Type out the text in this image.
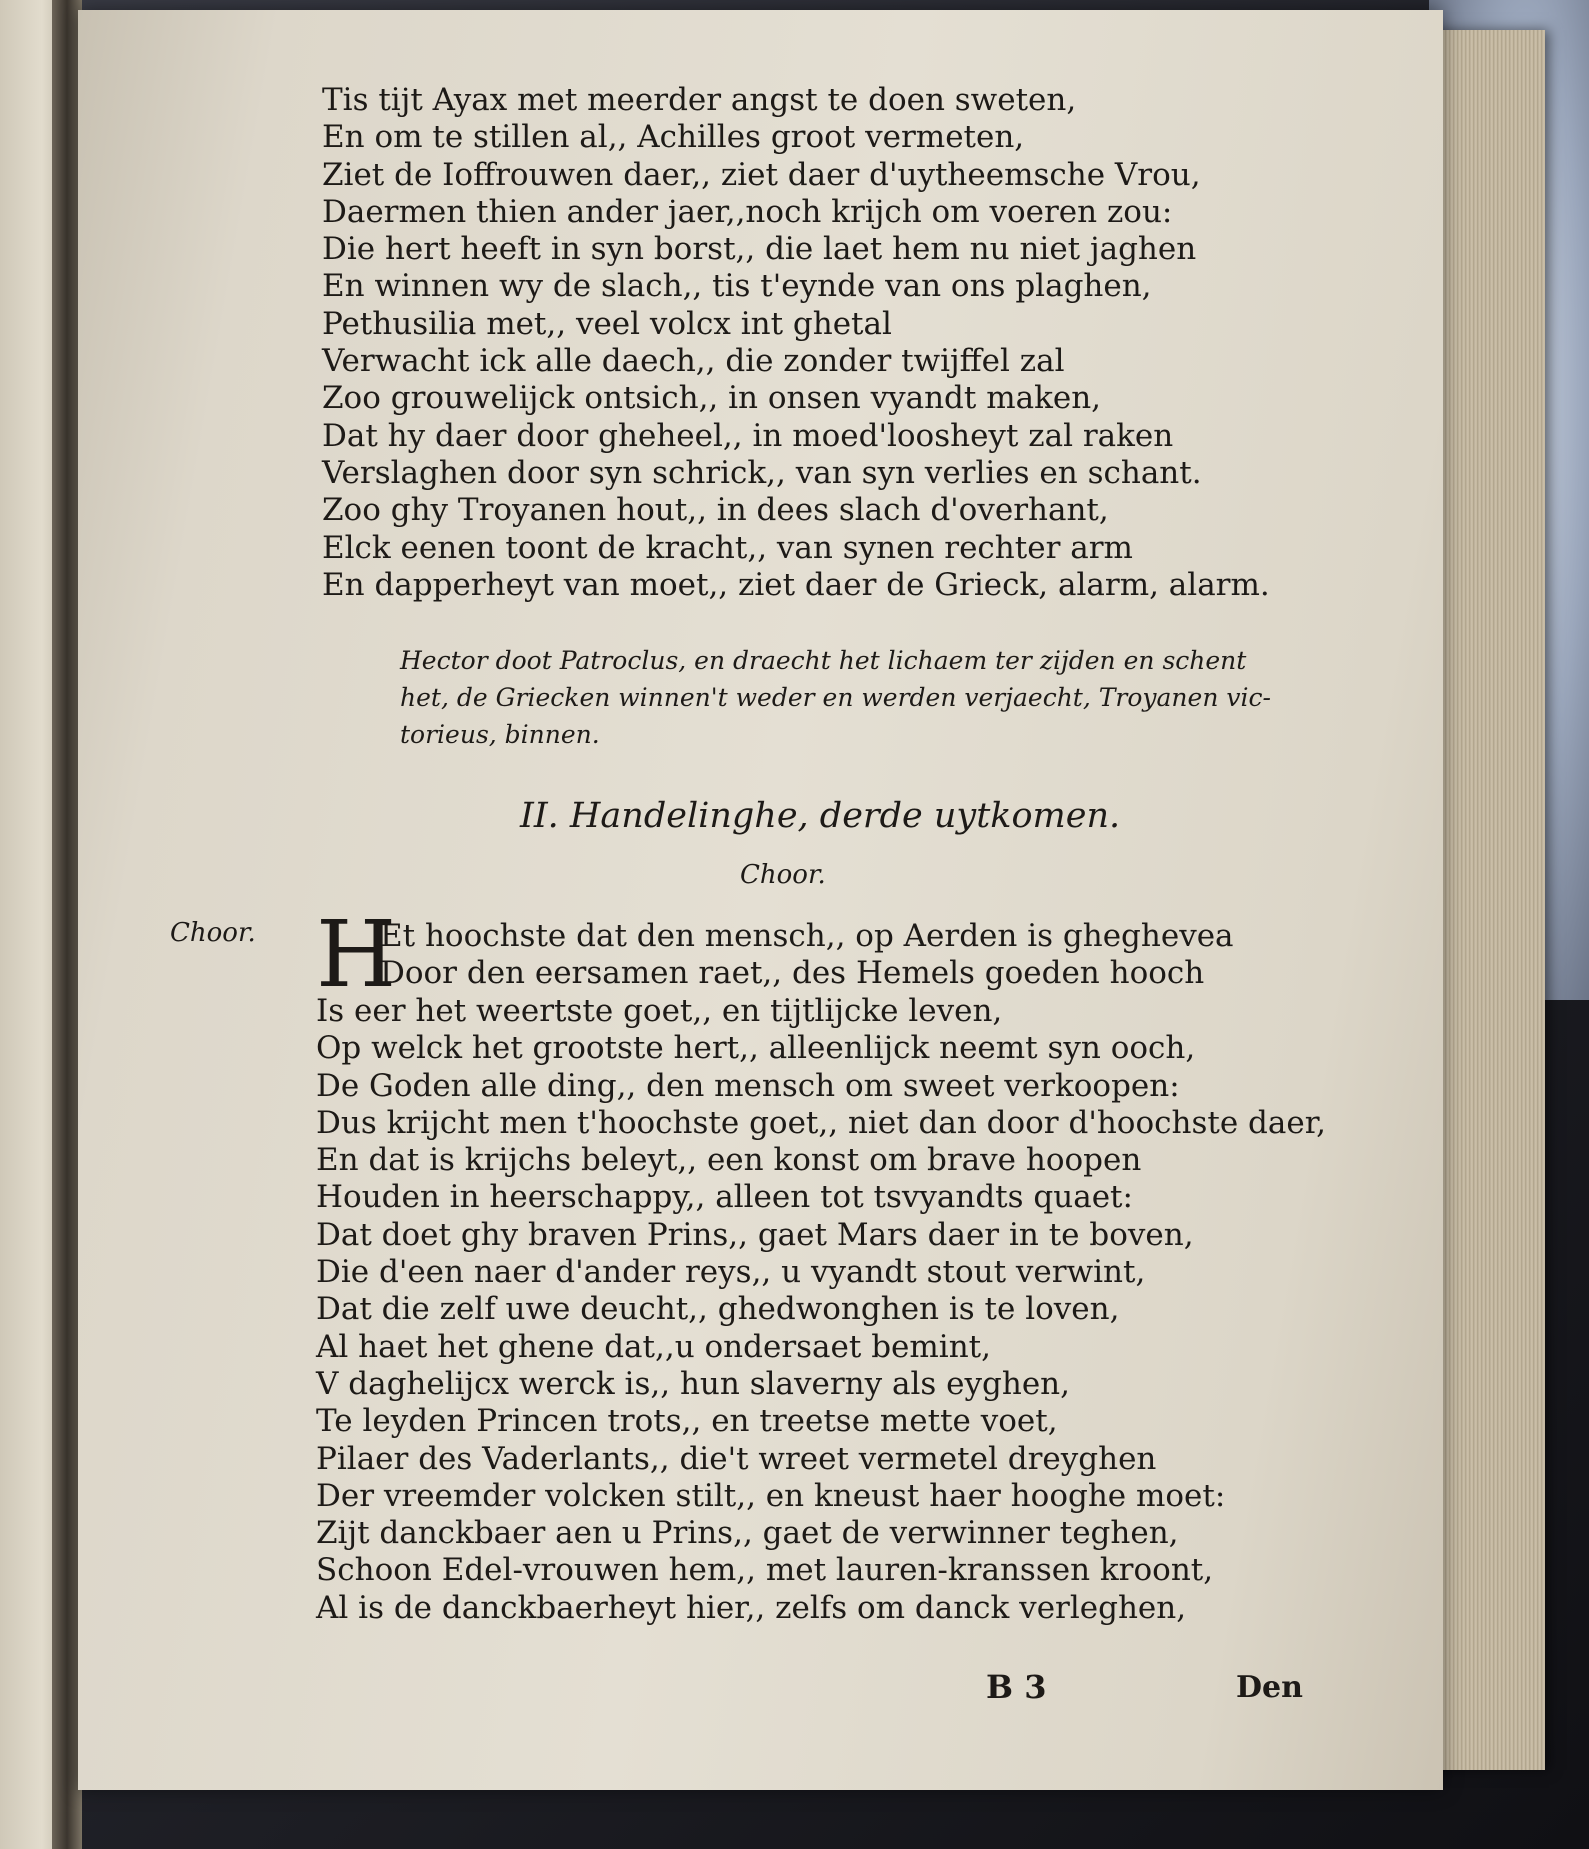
Tis tijt Ayax met meerder angst te doen sweten,
En om te stillen al,, Achilles groot vermeten,
Ziet de Ioffrouwen daer,, ziet daer d'uytheemsche Vrou,
Daermen thien ander jaer,,noch krijch om voeren zou:
Die hert heeft in syn borst,, die laet hem nu niet jaghen
En winnen wy de slach,, tis t'eynde van ons plaghen,
Pethusilia met,, veel volcx int ghetal
Verwacht ick alle daech,, die zonder twijffel zal
Zoo grouwelijck ontsich,, in onsen vyandt maken,
Dat hy daer door gheheel,, in moed'loosheyt zal raken
Verslaghen door syn schrick,, van syn verlies en schant.
Zoo ghy Troyanen hout,, in dees slach d'overhant,
Elck eenen toont de kracht,, van synen rechter arm
En dapperheyt van moet,, ziet daer de Grieck, alarm, alarm.
Hector doot Patroclus, en draecht het lichaem ter zijden en schent
het, de Griecken winnen't weder en werden verjaecht, Troyanen vic-
torieus, binnen.
II. Handelinghe, derde uytkomen.
Choor.
Choor. H
Et hoochste dat den mensch,, op Aerden is gheghevea
Door den eersamen raet,, des Hemels goeden hooch
Is eer het weertste goet,, en tijtlijcke leven,
Op welck het grootste hert,, alleenlijck neemt syn ooch,
De Goden alle ding,, den mensch om sweet verkoopen:
Dus krijcht men t'hoochste goet,, niet dan door d'hoochste daer,
En dat is krijchs beleyt,, een konst om brave hoopen
Houden in heerschappy,, alleen tot tsvyandts quaet:
Dat doet ghy braven Prins,, gaet Mars daer in te boven,
Die d'een naer d'ander reys,, u vyandt stout verwint,
Dat die zelf uwe deucht,, ghedwonghen is te loven,
Al haet het ghene dat,,u ondersaet bemint,
V daghelijcx werck is,, hun slaverny als eyghen,
Te leyden Princen trots,, en treetse mette voet,
Pilaer des Vaderlants,, die't wreet vermetel dreyghen
Der vreemder volcken stilt,, en kneust haer hooghe moet:
Zijt danckbaer aen u Prins,, gaet de verwinner teghen,
Schoon Edel-vrouwen hem,, met lauren-kranssen kroont,
Al is de danckbaerheyt hier,, zelfs om danck verleghen,
B 3	Den
